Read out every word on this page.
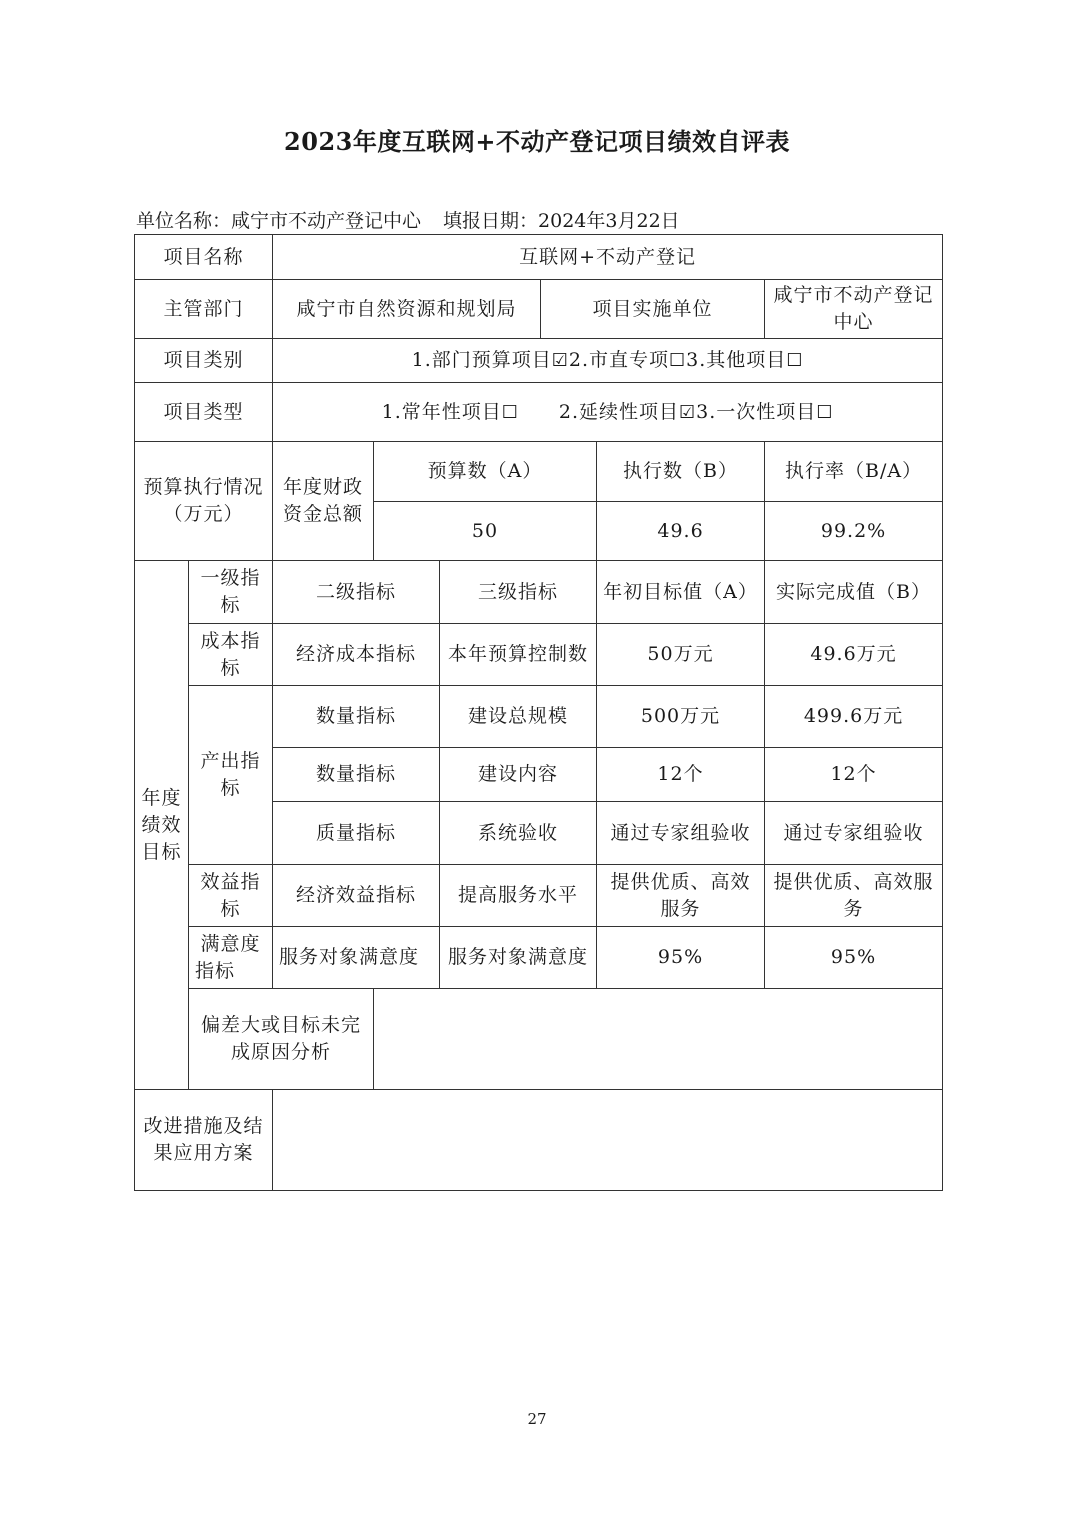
2023年度互联网+不动产登记项目绩效自评表
单位名称：咸宁市不动产登记中心 填报日期：2024年3月22日
项目名称		互联网+不动产登记					
主管部门		咸宁市自然资源和规划局			项目实施单位		咸宁市不动产登记中心
项目类别		1.部门预算项目☑2.市直专项☐3.其他项目☐					
项目类型		1.常年性项目☐ 2.延续性项目☑3.一次性项目☐					
预算执行情况（万元）		年度财政资金总额	预算数（A）			执行数（B）	执行率（B/A）
			50			49.6	99.2%
年度绩效目标	一级指标	二级指标		三级指标		年初目标值（A）	实际完成值（B）
	成本指标	经济成本指标		本年预算控制数		50万元	49.6万元
	产出指标	数量指标		建设总规模		500万元	499.6万元
		数量指标		建设内容		12个	12个
		质量指标		系统验收		通过专家组验收	通过专家组验收
	效益指标	经济效益指标		提高服务水平		提供优质、高效服务	提供优质、高效服务
	满意度指标	服务对象满意度		服务对象满意度		95%	95%
	偏差大或目标未完成原因分析						
改进措施及结果应用方案							
27
